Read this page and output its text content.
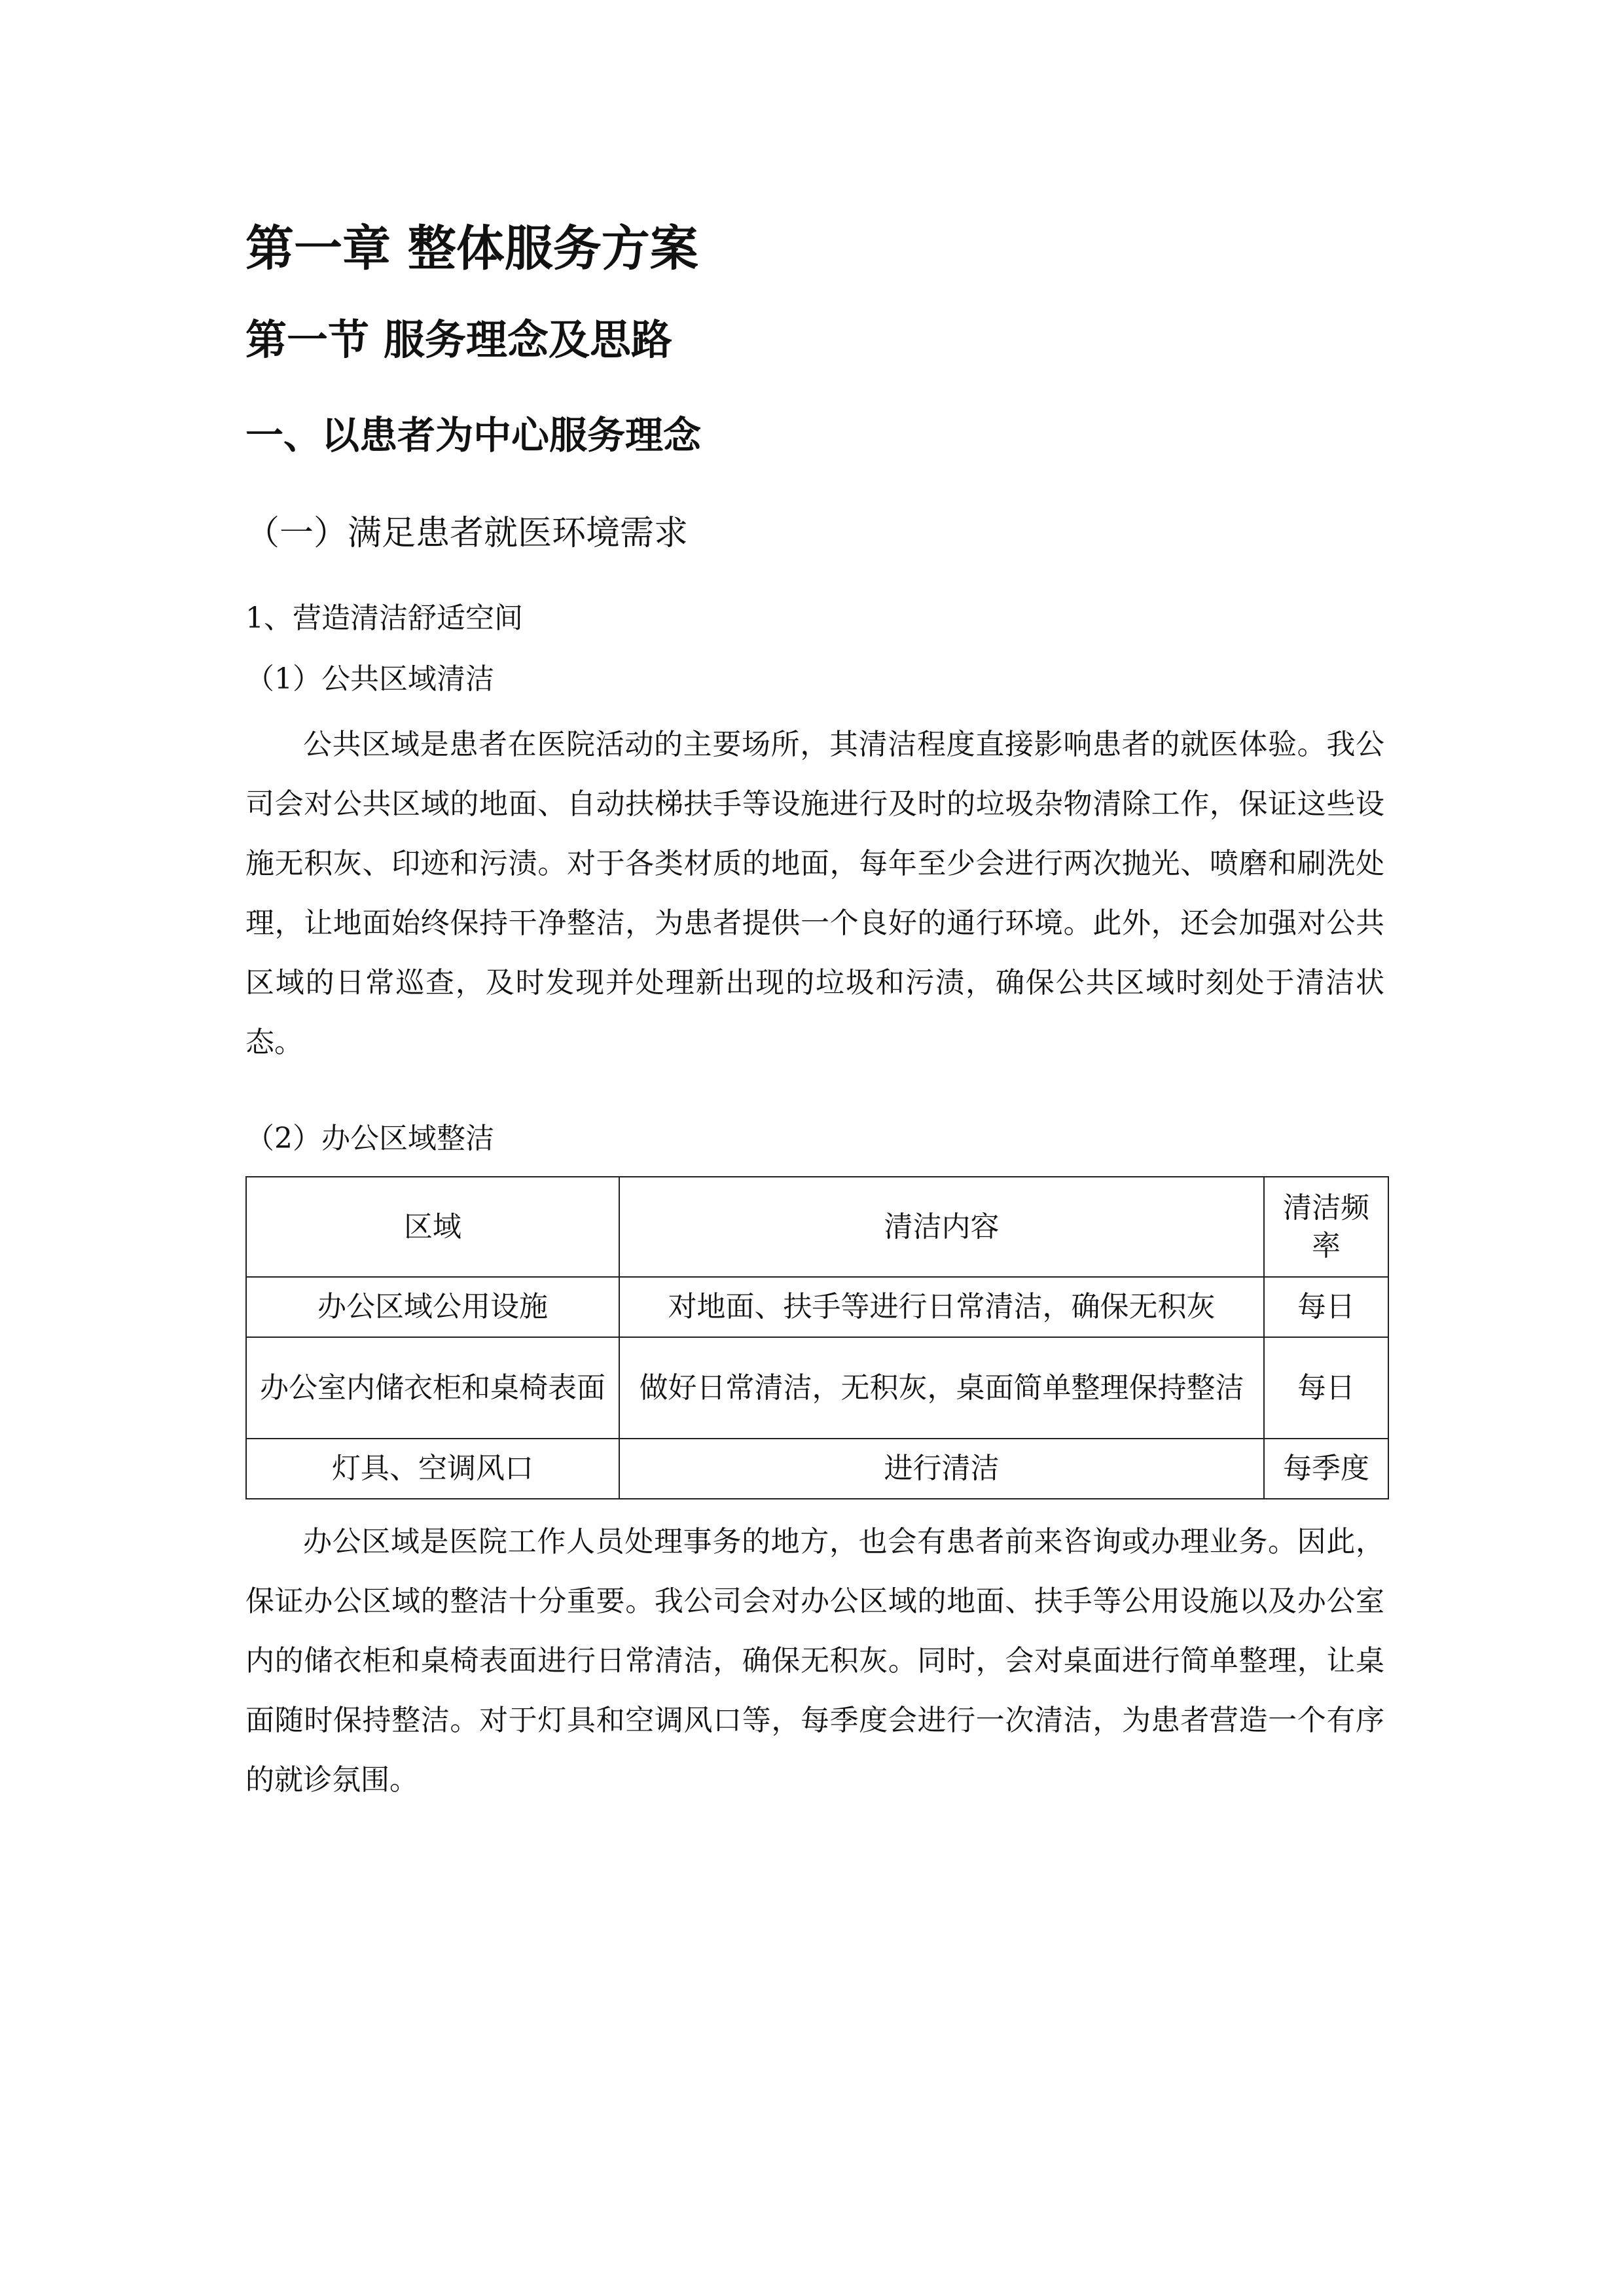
第一章 整体服务方案
第一节 服务理念及思路
一、以患者为中心服务理念
（一）满足患者就医环境需求
1、营造清洁舒适空间
（1）公共区域清洁

公共区域是患者在医院活动的主要场所，其清洁程度直接影响患者的就医体验。我公司会对公共区域的地面、自动扶梯扶手等设施进行及时的垃圾杂物清除工作，保证这些设施无积灰、印迹和污渍。对于各类材质的地面，每年至少会进行两次抛光、喷磨和刷洗处理，让地面始终保持干净整洁，为患者提供一个良好的通行环境。此外，还会加强对公共区域的日常巡查，及时发现并处理新出现的垃圾和污渍，确保公共区域时刻处于清洁状态。

（2）办公区域整洁
区域	清洁内容	清洁频率
办公区域公用设施	对地面、扶手等进行日常清洁，确保无积灰	每日
办公室内储衣柜和桌椅表面	做好日常清洁，无积灰，桌面简单整理保持整洁	每日
灯具、空调风口	进行清洁	每季度

办公区域是医院工作人员处理事务的地方，也会有患者前来咨询或办理业务。因此，保证办公区域的整洁十分重要。我公司会对办公区域的地面、扶手等公用设施以及办公室内的储衣柜和桌椅表面进行日常清洁，确保无积灰。同时，会对桌面进行简单整理，让桌面随时保持整洁。对于灯具和空调风口等，每季度会进行一次清洁，为患者营造一个有序的就诊氛围。
